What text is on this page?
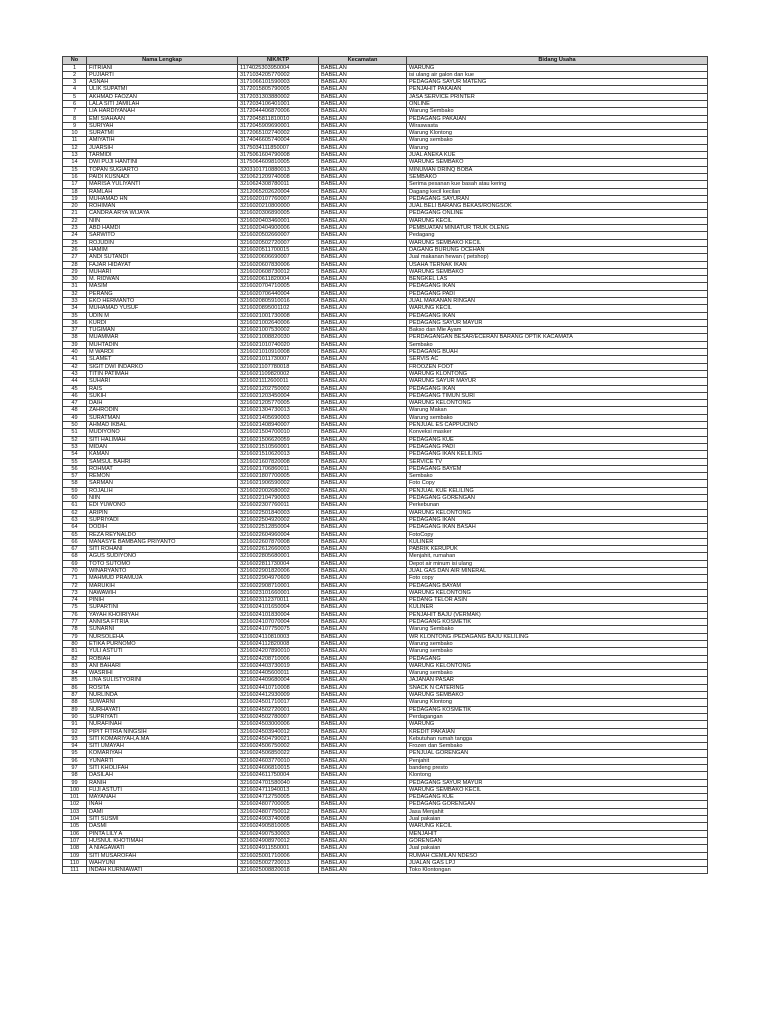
No	Nama Lengkap	NIK/KTP	Kecamatan	Bidang Usaha
1	FITRIANI	1174025303950004	BABELAN	WARUNG
2	PUJIARTI	3171034205770002	BABELAN	isi ulang air galon dan kue
3	ASNAH	3171066101590003	BABELAN	PEDAGANG SAYUR MATENG
4	ULIK SUPATMI	3172015805790005	BABELAN	PENJAHIT PAKAIAN
5	AKHMAD FAOZAN	3172031303880002	BABELAN	JASA SERVICE PRINTER
6	LALA SITI JAMILAH	3172034106401001	BABELAN	ONLINE
7	LIA HARDIYANAH	3172044406870006	BABELAN	Warung Sembako
8	EMI SIAHAAN	3172045811810010	BABELAN	PEDAGANG PAKAIAN
9	SURIYAH	3172045909690001	BABELAN	Wiraswasta
10	SURATMI	3172065102740002	BABELAN	Warung Klontong
11	AMIYATIH	3174046605740004	BABELAN	Warung sembako
12	JUARSIH	3175034111850007	BABELAN	Warung
13	TARMIDI	3175061604790008	BABELAN	JUAL ANEKA KUE
14	DWI PUJI HANTINI	3175064609810005	BABELAN	WARUNG SEMBAKO
15	TOPAN SUGIARTO	3203101710880013	BABELAN	MINUMAN DRINQ BOBA
16	PAIDI KUSNADI	3210621209740008	BABELAN	SEMBAKO
17	MARISA YULIYANTI	3210624308780011	BABELAN	Serima pesanan kue basah atau kering
18	RAMLAH	3212065202620004	BABELAN	Dagang kecil kecilan
19	MUHAMAD HN	3216020107760007	BABELAN	PEDAGANG SAYURAN
20	ROHIMAN	3216020210800000	BABELAN	JUAL BELI BARANG BEKAS/RONGSOK
21	CANDRA ARYA WIJAYA	3216020306890005	BABELAN	PEDAGANG ONLINE
22	NIIN	3216020403460001	BABELAN	WARUNG KECIL
23	ABD HAMDI	3216020404900006	BABELAN	PEMBUATAN MINIATUR TRUK OLENG
24	SARWITO	3216020502660007	BABELAN	Pedagang
25	ROJUDIN	3216020502720007	BABELAN	WARUNG SEMBAKO KECIL
26	HAMIM	3216020511700015	BABELAN	DAGANG BURUNG OCEHAN
27	ANDI SUTANDI	3216020606690007	BABELAN	Jual makanan hewan ( petshop)
28	FAJAR HIDAYAT	3216020607830006	BABELAN	USAHA TERNAK IKAN
29	MUHARI	3216020608730012	BABELAN	WARUNG SEMBAKO
30	M. RIDWAN	3216020611820004	BABELAN	BENGKEL LAS
31	MASIM	3216020704710005	BABELAN	PEDAGANG IKAN
32	PERANG	3216020706440004	BABELAN	PEDAGANG PADI
33	EKO HERMANTO	3216020805910016	BABELAN	JUAL MAKANAN RINGAN
34	MUHAMAD YUSUF	3216020895001102	BABELAN	WARUNG KECIL
35	UDIN M	3216021001730008	BABELAN	PEDAGANG IKAN
36	KURDI	3216021002640006	BABELAN	PEDAGANG SAYUR MAYUR
37	TUGIMAN	3216021007530002	BABELAN	Bakso dan Mie Ayam
38	MUAMMAR	3216021008820030	BABELAN	PERDAGANGAN BESAR/ECERAN BARANG OPTIK KACAMATA
39	MUHTADIN	3216021010740020	BABELAN	Sembako
40	M WARDI	3216021010910008	BABELAN	PEDAGANG BUAH
41	SLAMET	3216021011730007	BABELAN	SERVIS AC
42	SIGIT DWI INDARKO	3216021107780018	BABELAN	FROOZEN FOOT
43	TITIN PATIMAH	3216021109820002	BABELAN	WARUNG KLONTONG
44	SUHARI	3216021112600011	BABELAN	WARUNG SAYUR MAYUR
45	RAIS	3216021202750002	BABELAN	PEDAGANG IKAN
46	SUKIH	3216021203450004	BABELAN	PEDAGANG TIMUN SURI
47	DAIH	3216021205770005	BABELAN	WARUNG KELONTONG
48	ZAHRODIN	3216021304730013	BABELAN	Warung Makan
49	SURATMAN	3216021405690003	BABELAN	Warung sembako
50	AHMAD IKBAL	3216021408940007	BABELAN	PENJUAL ES CAPPUCINO
51	MUDIYONO	3216021504700010	BABELAN	Konveksi masker
52	SITI HALIMAH	3216021506620059	BABELAN	PEDAGANG KUE
53	MIDAN	3216021510560001	BABELAN	PEDAGANG PADI
54	KAMAN	3216021510620013	BABELAN	PEDAGANG IKAN KELILING
55	SAMSUL BAHRI	3216021607820008	BABELAN	SERVICE TV
56	ROHMAT	3216021706860011	BABELAN	PEDAGANG BAYEM
57	REMON	3216021807700005	BABELAN	Sembako
58	SARMAN	3216021906590002	BABELAN	Foto Copy
59	ROJALIH	3216022002680002	BABELAN	PENJUAL KUE KELILING
60	NIIN	3216022104790003	BABELAN	PEDAGANG GORENGAN
61	EDI YUWONO	3216022307760011	BABELAN	Perkebunan
62	ARIPIN	3216022501840003	BABELAN	WARUNG KELONTONG
63	SUPRIYADI	3216022504920002	BABELAN	PEDAGANG IKAN
64	DODIH	3216022512850004	BABELAN	PEDAGANG IKAN BASAH
65	REZA REYNALDO	3216022604960004	BABELAN	FotoCopy
66	MANASYE BAMBANG PRIYANTO	3216022607870008	BABELAN	KULINER
67	SITI ROHANI	3216022612660003	BABELAN	PABRIK KERUPUK
68	AGUS SUDIYONO	3216022805680001	BABELAN	Menjahit, rumahan
69	TOTO SUTOMO	3216022811730004	BABELAN	Depot air minum isi ulang
70	WINARYANTO	3216022901820006	BABELAN	JUAL GAS DAN AIR MINERAL
71	MAHMUD PRAMUJA	3216022904970609	BABELAN	Foto copy
72	MARUKIH	3216022908710001	BABELAN	PEDAGANG BAYAM
73	NAWAWIH	3216023101660001	BABELAN	WARUNG KELONTONG
74	PINIH	3216023112370011	BABELAN	PEDANG TELOR ASIN
75	SUPARTINI	3216024101650004	BABELAN	KULINER
76	YAYAH KHOIRIYAH	3216024101830004	BABELAN	PENJAHIT BAJU (VERMAK)
77	ANNISA FITRIA	3216024107070004	BABELAN	PEDAGANG KOSMETIK
78	SUNARNI	3216024107750075	BABELAN	Warung Sembako
79	NURSOLEHA	3216024110810003	BABELAN	WR KLONTONG /PEDAGANG BAJU KELILING
80	ETIKA PURNOMO	3216024112820008	BABELAN	Warung sembako
81	YULI ASTUTI	3216024207890010	BABELAN	Warung sembako
82	ROBIAH	3216024208710006	BABELAN	PEDAGANG
83	ANI BAHARI	3216024403730019	BABELAN	WARUNG KELONTONG
84	WASRIHI	3216024405600011	BABELAN	Warung sembako
85	LINA SULISTYORINI	3216024409680004	BABELAN	JAJANAN PASAR
86	ROSITA	3216024410710008	BABELAN	SNACK N CATERING
87	NURLINDA	3216024412930009	BABELAN	WARUNG SEMBAKO
88	SUWARNI	3216024501710017	BABELAN	Warung Klontong
89	NURHAYATI	3216024502720001	BABELAN	PEDAGANG KOSMETIK
90	SUPRIYATI	3216024502780007	BABELAN	Perdagangan
91	NURAFINAH	3216024503000006	BABELAN	WARUNG
92	PIPIT FITRIA NINGSIH	3216024503940012	BABELAN	KREDIT PAKAIAN
93	SITI KOMARIYAH,A.MA	3216024504790021	BABELAN	Kebutuhan rumah tangga
94	SITI UMAYAH	3216024506750002	BABELAN	Frozen dan Sembako
95	KOMARIYAH	3216024506850022	BABELAN	PENJUAL GORENGAN
96	YUNARTI	3216024603770010	BABELAN	Penjahit
97	SITI KHOLIFAH	3216024606810015	BABELAN	bandeng presto
98	DASILAH	3216024611750004	BABELAN	Klontong
99	RANIH	3216024701580040	BABELAN	PEDAGANG SAYUR MAYUR
100	FUJI ASTUTI	3216024711940013	BABELAN	WARUNG SEMBAKO KECIL
101	MAYANAH	3216024712750005	BABELAN	PEDAGANG KUE
102	INAH	3216024807700005	BABELAN	PEDAGANG GORENGAN
103	DAMI	3216024807750012	BABELAN	Jasa Menjahit
104	SITI SUSMI	3216024903740008	BABELAN	Jual pakaian
105	DASMI	3216024905810005	BABELAN	WARUNG KECIL
106	PINTA LILY A	3216024907530003	BABELAN	MENJAHIT
107	HUSNUL KHOTIMAH	3216024908970012	BABELAN	GORENGAN
108	A NIAGAWATI	3216024911550001	BABELAN	Jual pakaian
109	SITI MUSAROFAH	3216025001710006	BABELAN	RUMAH CEMILAN NDESO
110	WAHYUNI	3216025002720013	BABELAN	JUALAN GAS LPJ
111	INDAH KURNIAWATI	3216025008820018	BABELAN	Toko Klontongan
